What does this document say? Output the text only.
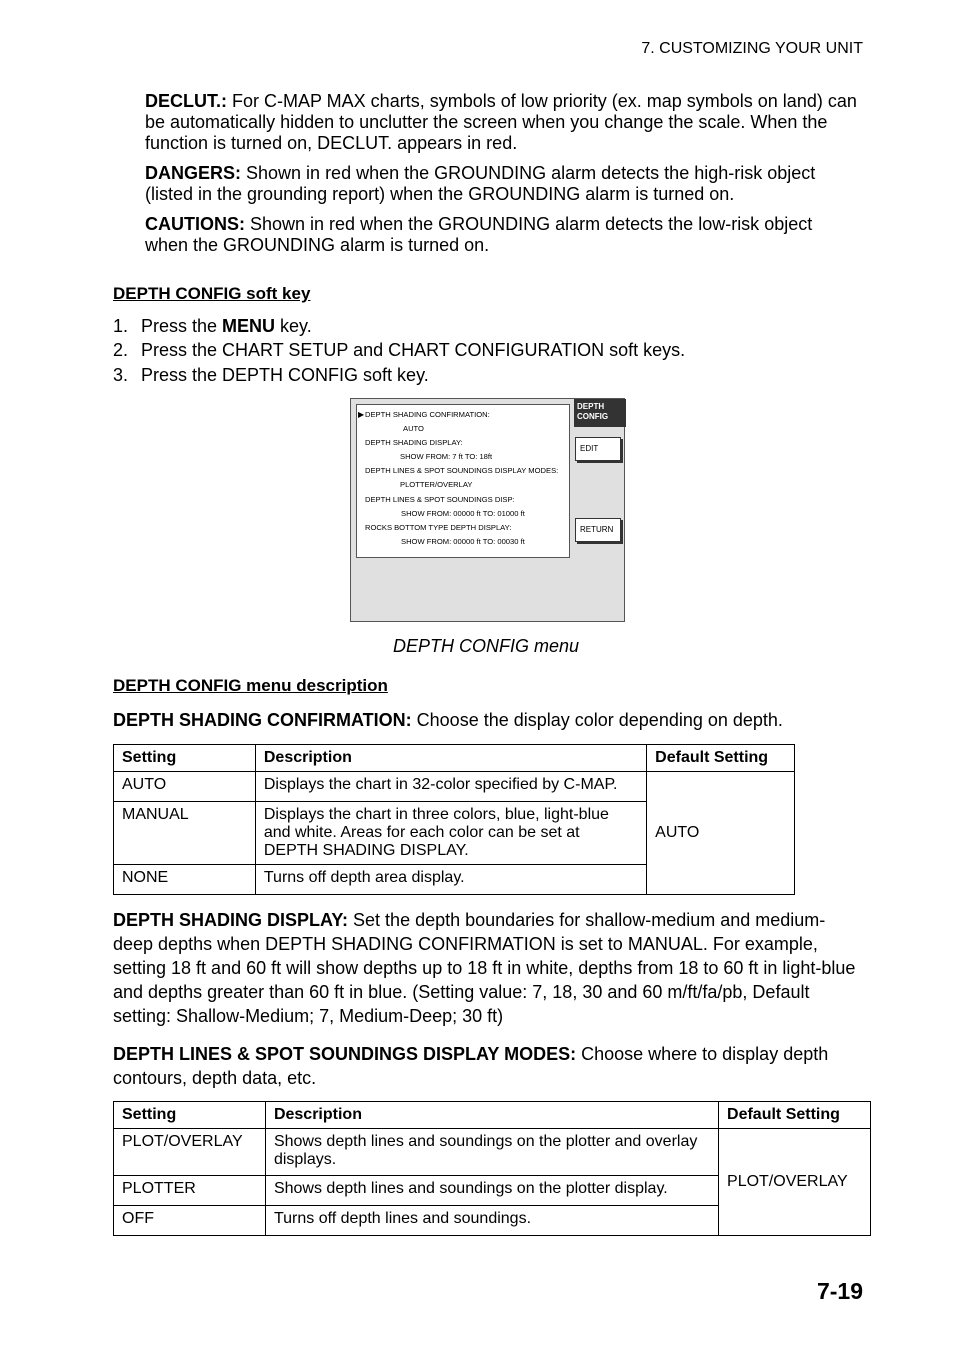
7. CUSTOMIZING YOUR UNIT
DECLUT.: For C-MAP MAX charts, symbols of low priority (ex. map symbols on land) can be automatically hidden to unclutter the screen when you change the scale. When the function is turned on, DECLUT. appears in red.
DANGERS: Shown in red when the GROUNDING alarm detects the high-risk object (listed in the grounding report) when the GROUNDING alarm is turned on.
CAUTIONS: Shown in red when the GROUNDING alarm detects the low-risk object when the GROUNDING alarm is turned on.
DEPTH CONFIG soft key
1. Press the MENU key.
2. Press the CHART SETUP and CHART CONFIGURATION soft keys.
3. Press the DEPTH CONFIG soft key.
▶ DEPTH SHADING CONFIRMATION:
AUTO
DEPTH SHADING DISPLAY:
SHOW FROM: 7 ft TO: 18ft
DEPTH LINES & SPOT SOUNDINGS DISPLAY MODES:
PLOTTER/OVERLAY
DEPTH LINES & SPOT SOUNDINGS DISP:
SHOW FROM: 00000 ft TO: 01000 ft
ROCKS BOTTOM TYPE DEPTH DISPLAY:
SHOW FROM: 00000 ft TO: 00030 ft
DEPTH
CONFIG
EDIT
RETURN
DEPTH CONFIG menu
DEPTH CONFIG menu description
DEPTH SHADING CONFIRMATION: Choose the display color depending on depth.
Setting	Description	Default Setting
AUTO	Displays the chart in 32-color specified by C-MAP.	AUTO
MANUAL	Displays the chart in three colors, blue, light-blue and white. Areas for each color can be set at DEPTH SHADING DISPLAY.	
NONE	Turns off depth area display.	
DEPTH SHADING DISPLAY: Set the depth boundaries for shallow-medium and medium-deep depths when DEPTH SHADING CONFIRMATION is set to MANUAL. For example, setting 18 ft and 60 ft will show depths up to 18 ft in white, depths from 18 to 60 ft in light-blue and depths greater than 60 ft in blue. (Setting value: 7, 18, 30 and 60 m/ft/fa/pb, Default setting: Shallow-Medium; 7, Medium-Deep; 30 ft)
DEPTH LINES & SPOT SOUNDINGS DISPLAY MODES: Choose where to display depth contours, depth data, etc.
Setting	Description	Default Setting
PLOT/OVERLAY	Shows depth lines and soundings on the plotter and overlay displays.	PLOT/OVERLAY
PLOTTER	Shows depth lines and soundings on the plotter display.	
OFF	Turns off depth lines and soundings.	
7-19
